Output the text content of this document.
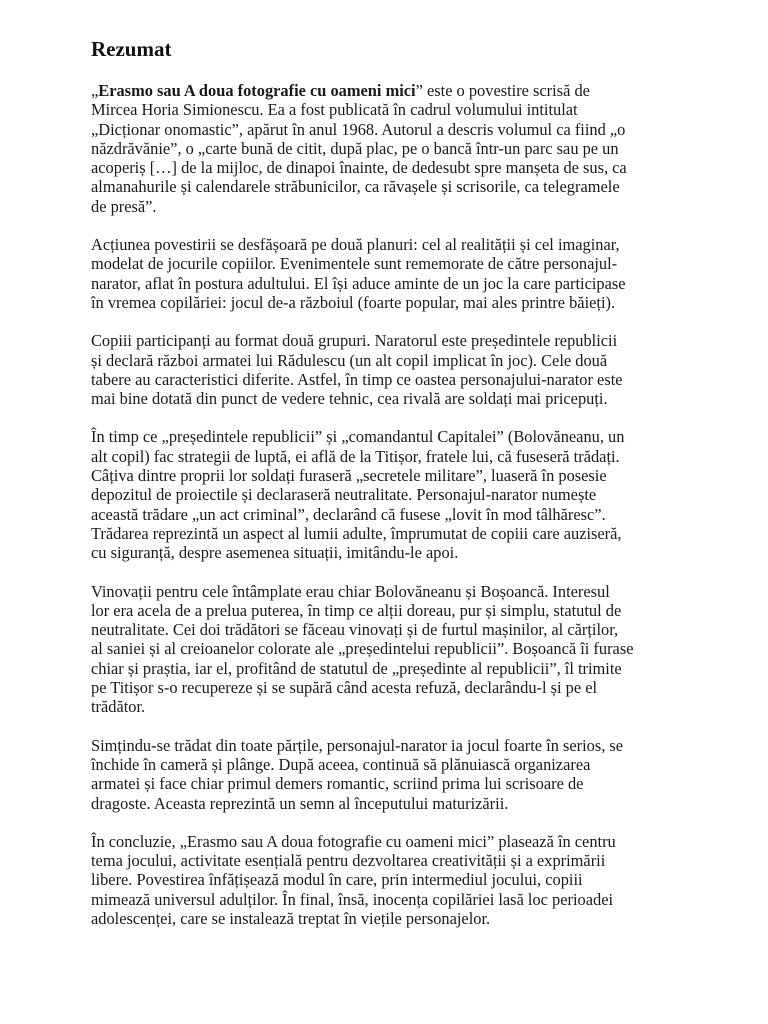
Rezumat

„Erasmo sau A doua fotografie cu oameni mici” este o povestire scrisă de
Mircea Horia Simionescu. Ea a fost publicată în cadrul volumului intitulat
„Dicționar onomastic”, apărut în anul 1968. Autorul a descris volumul ca fiind „o
năzdrăvănie”, o „carte bună de citit, după plac, pe o bancă într-un parc sau pe un
acoperiș […] de la mijloc, de dinapoi înainte, de dedesubt spre manșeta de sus, ca
almanahurile și calendarele străbunicilor, ca răvașele și scrisorile, ca telegramele
de presă”.

Acțiunea povestirii se desfășoară pe două planuri: cel al realității și cel imaginar,
modelat de jocurile copiilor. Evenimentele sunt rememorate de către personajul-
narator, aflat în postura adultului. El își aduce aminte de un joc la care participase
în vremea copilăriei: jocul de-a războiul (foarte popular, mai ales printre băieți).

Copiii participanți au format două grupuri. Naratorul este președintele republicii
și declară război armatei lui Rădulescu (un alt copil implicat în joc). Cele două
tabere au caracteristici diferite. Astfel, în timp ce oastea personajului-narator este
mai bine dotată din punct de vedere tehnic, cea rivală are soldați mai pricepuți.

În timp ce „președintele republicii” și „comandantul Capitalei” (Bolovăneanu, un
alt copil) fac strategii de luptă, ei află de la Titișor, fratele lui, că fuseseră trădați.
Câțiva dintre proprii lor soldați furaseră „secretele militare”, luaseră în posesie
depozitul de proiectile și declaraseră neutralitate. Personajul-narator numește
această trădare „un act criminal”, declarând că fusese „lovit în mod tâlhăresc”.
Trădarea reprezintă un aspect al lumii adulte, împrumutat de copiii care auziseră,
cu siguranță, despre asemenea situații, imitându-le apoi.

Vinovații pentru cele întâmplate erau chiar Bolovăneanu și Boșoancă. Interesul
lor era acela de a prelua puterea, în timp ce alții doreau, pur și simplu, statutul de
neutralitate. Cei doi trădători se făceau vinovați și de furtul mașinilor, al cărților,
al saniei și al creioanelor colorate ale „președintelui republicii”. Boșoancă îi furase
chiar și praștia, iar el, profitând de statutul de „președinte al republicii”, îl trimite
pe Titișor s-o recupereze și se supără când acesta refuză, declarându-l și pe el
trădător.

Simțindu-se trădat din toate părțile, personajul-narator ia jocul foarte în serios, se
închide în cameră și plânge. După aceea, continuă să plănuiască organizarea
armatei și face chiar primul demers romantic, scriind prima lui scrisoare de
dragoste. Aceasta reprezintă un semn al începutului maturizării.

În concluzie, „Erasmo sau A doua fotografie cu oameni mici” plasează în centru
tema jocului, activitate esențială pentru dezvoltarea creativității și a exprimării
libere. Povestirea înfățișează modul în care, prin intermediul jocului, copiii
mimează universul adulților. În final, însă, inocența copilăriei lasă loc perioadei
adolescenței, care se instalează treptat în viețile personajelor.
